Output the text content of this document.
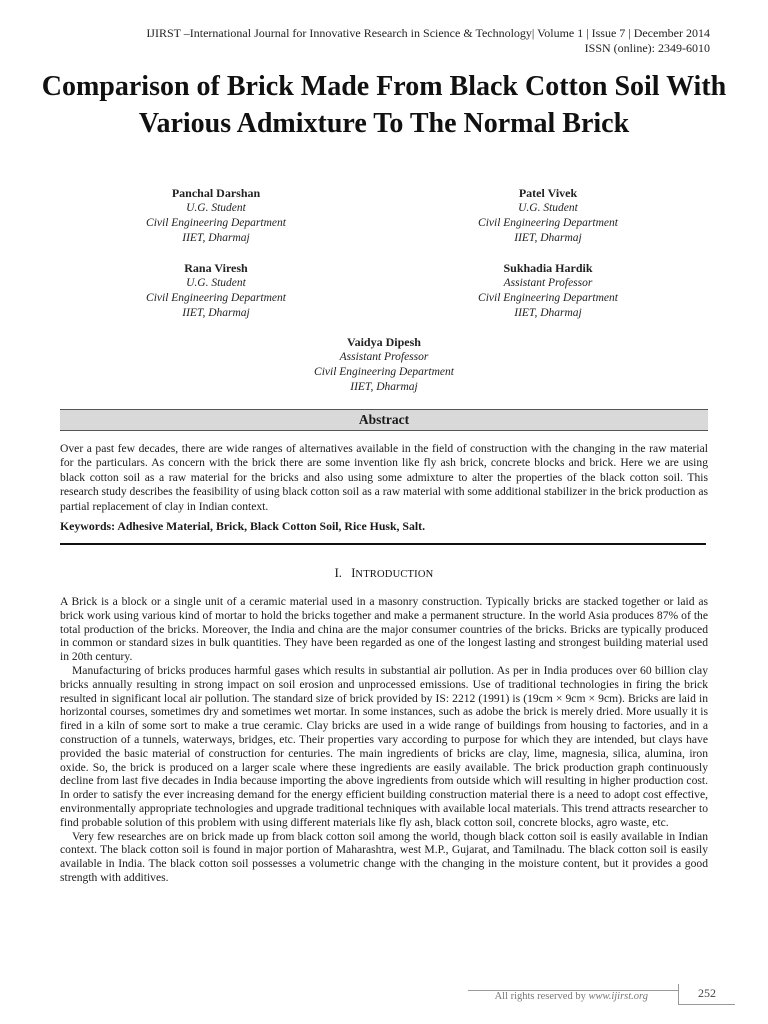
IJIRST –International Journal for Innovative Research in Science & Technology| Volume 1 | Issue 7 | December 2014
ISSN (online): 2349-6010
Comparison of Brick Made From Black Cotton Soil With Various Admixture To The Normal Brick
Panchal Darshan
U.G. Student
Civil Engineering Department
IIET, Dharmaj
Patel Vivek
U.G. Student
Civil Engineering Department
IIET, Dharmaj
Rana Viresh
U.G. Student
Civil Engineering Department
IIET, Dharmaj
Sukhadia Hardik
Assistant Professor
Civil Engineering Department
IIET, Dharmaj
Vaidya Dipesh
Assistant Professor
Civil Engineering Department
IIET, Dharmaj
Abstract
Over a past few decades, there are wide ranges of alternatives available in the field of construction with the changing in the raw material for the particulars. As concern with the brick there are some invention like fly ash brick, concrete blocks and brick. Here we are using black cotton soil as a raw material for the bricks and also using some admixture to alter the properties of the black cotton soil. This research study describes the feasibility of using black cotton soil as a raw material with some additional stabilizer in the brick production as partial replacement of clay in Indian context.
Keywords: Adhesive Material, Brick, Black Cotton Soil, Rice Husk, Salt.
I. INTRODUCTION

A Brick is a block or a single unit of a ceramic material used in a masonry construction. Typically bricks are stacked together or laid as brick work using various kind of mortar to hold the bricks together and make a permanent structure. In the world Asia produces 87% of the total production of the bricks. Moreover, the India and china are the major consumer countries of the bricks. Bricks are typically produced in common or standard sizes in bulk quantities. They have been regarded as one of the longest lasting and strongest building material used in 20th century.

Manufacturing of bricks produces harmful gases which results in substantial air pollution. As per in India produces over 60 billion clay bricks annually resulting in strong impact on soil erosion and unprocessed emissions. Use of traditional technologies in firing the brick resulted in significant local air pollution. The standard size of brick provided by IS: 2212 (1991) is (19cm × 9cm × 9cm). Bricks are laid in horizontal courses, sometimes dry and sometimes wet mortar. In some instances, such as adobe the brick is merely dried. More usually it is fired in a kiln of some sort to make a true ceramic. Clay bricks are used in a wide range of buildings from housing to factories, and in a construction of a tunnels, waterways, bridges, etc. Their properties vary according to purpose for which they are intended, but clays have provided the basic material of construction for centuries. The main ingredients of bricks are clay, lime, magnesia, silica, alumina, iron oxide. So, the brick is produced on a larger scale where these ingredients are easily available. The brick production graph continuously decline from last five decades in India because importing the above ingredients from outside which will resulting in higher production cost. In order to satisfy the ever increasing demand for the energy efficient building construction material there is a need to adopt cost effective, environmentally appropriate technologies and upgrade traditional techniques with available local materials. This trend attracts researcher to find probable solution of this problem with using different materials like fly ash, black cotton soil, concrete blocks, agro waste, etc.

Very few researches are on brick made up from black cotton soil among the world, though black cotton soil is easily available in Indian context. The black cotton soil is found in major portion of Maharashtra, west M.P., Gujarat, and Tamilnadu. The black cotton soil is easily available in India. The black cotton soil possesses a volumetric change with the changing in the moisture content, but it provides a good strength with additives.

All rights reserved by www.ijirst.org	252
